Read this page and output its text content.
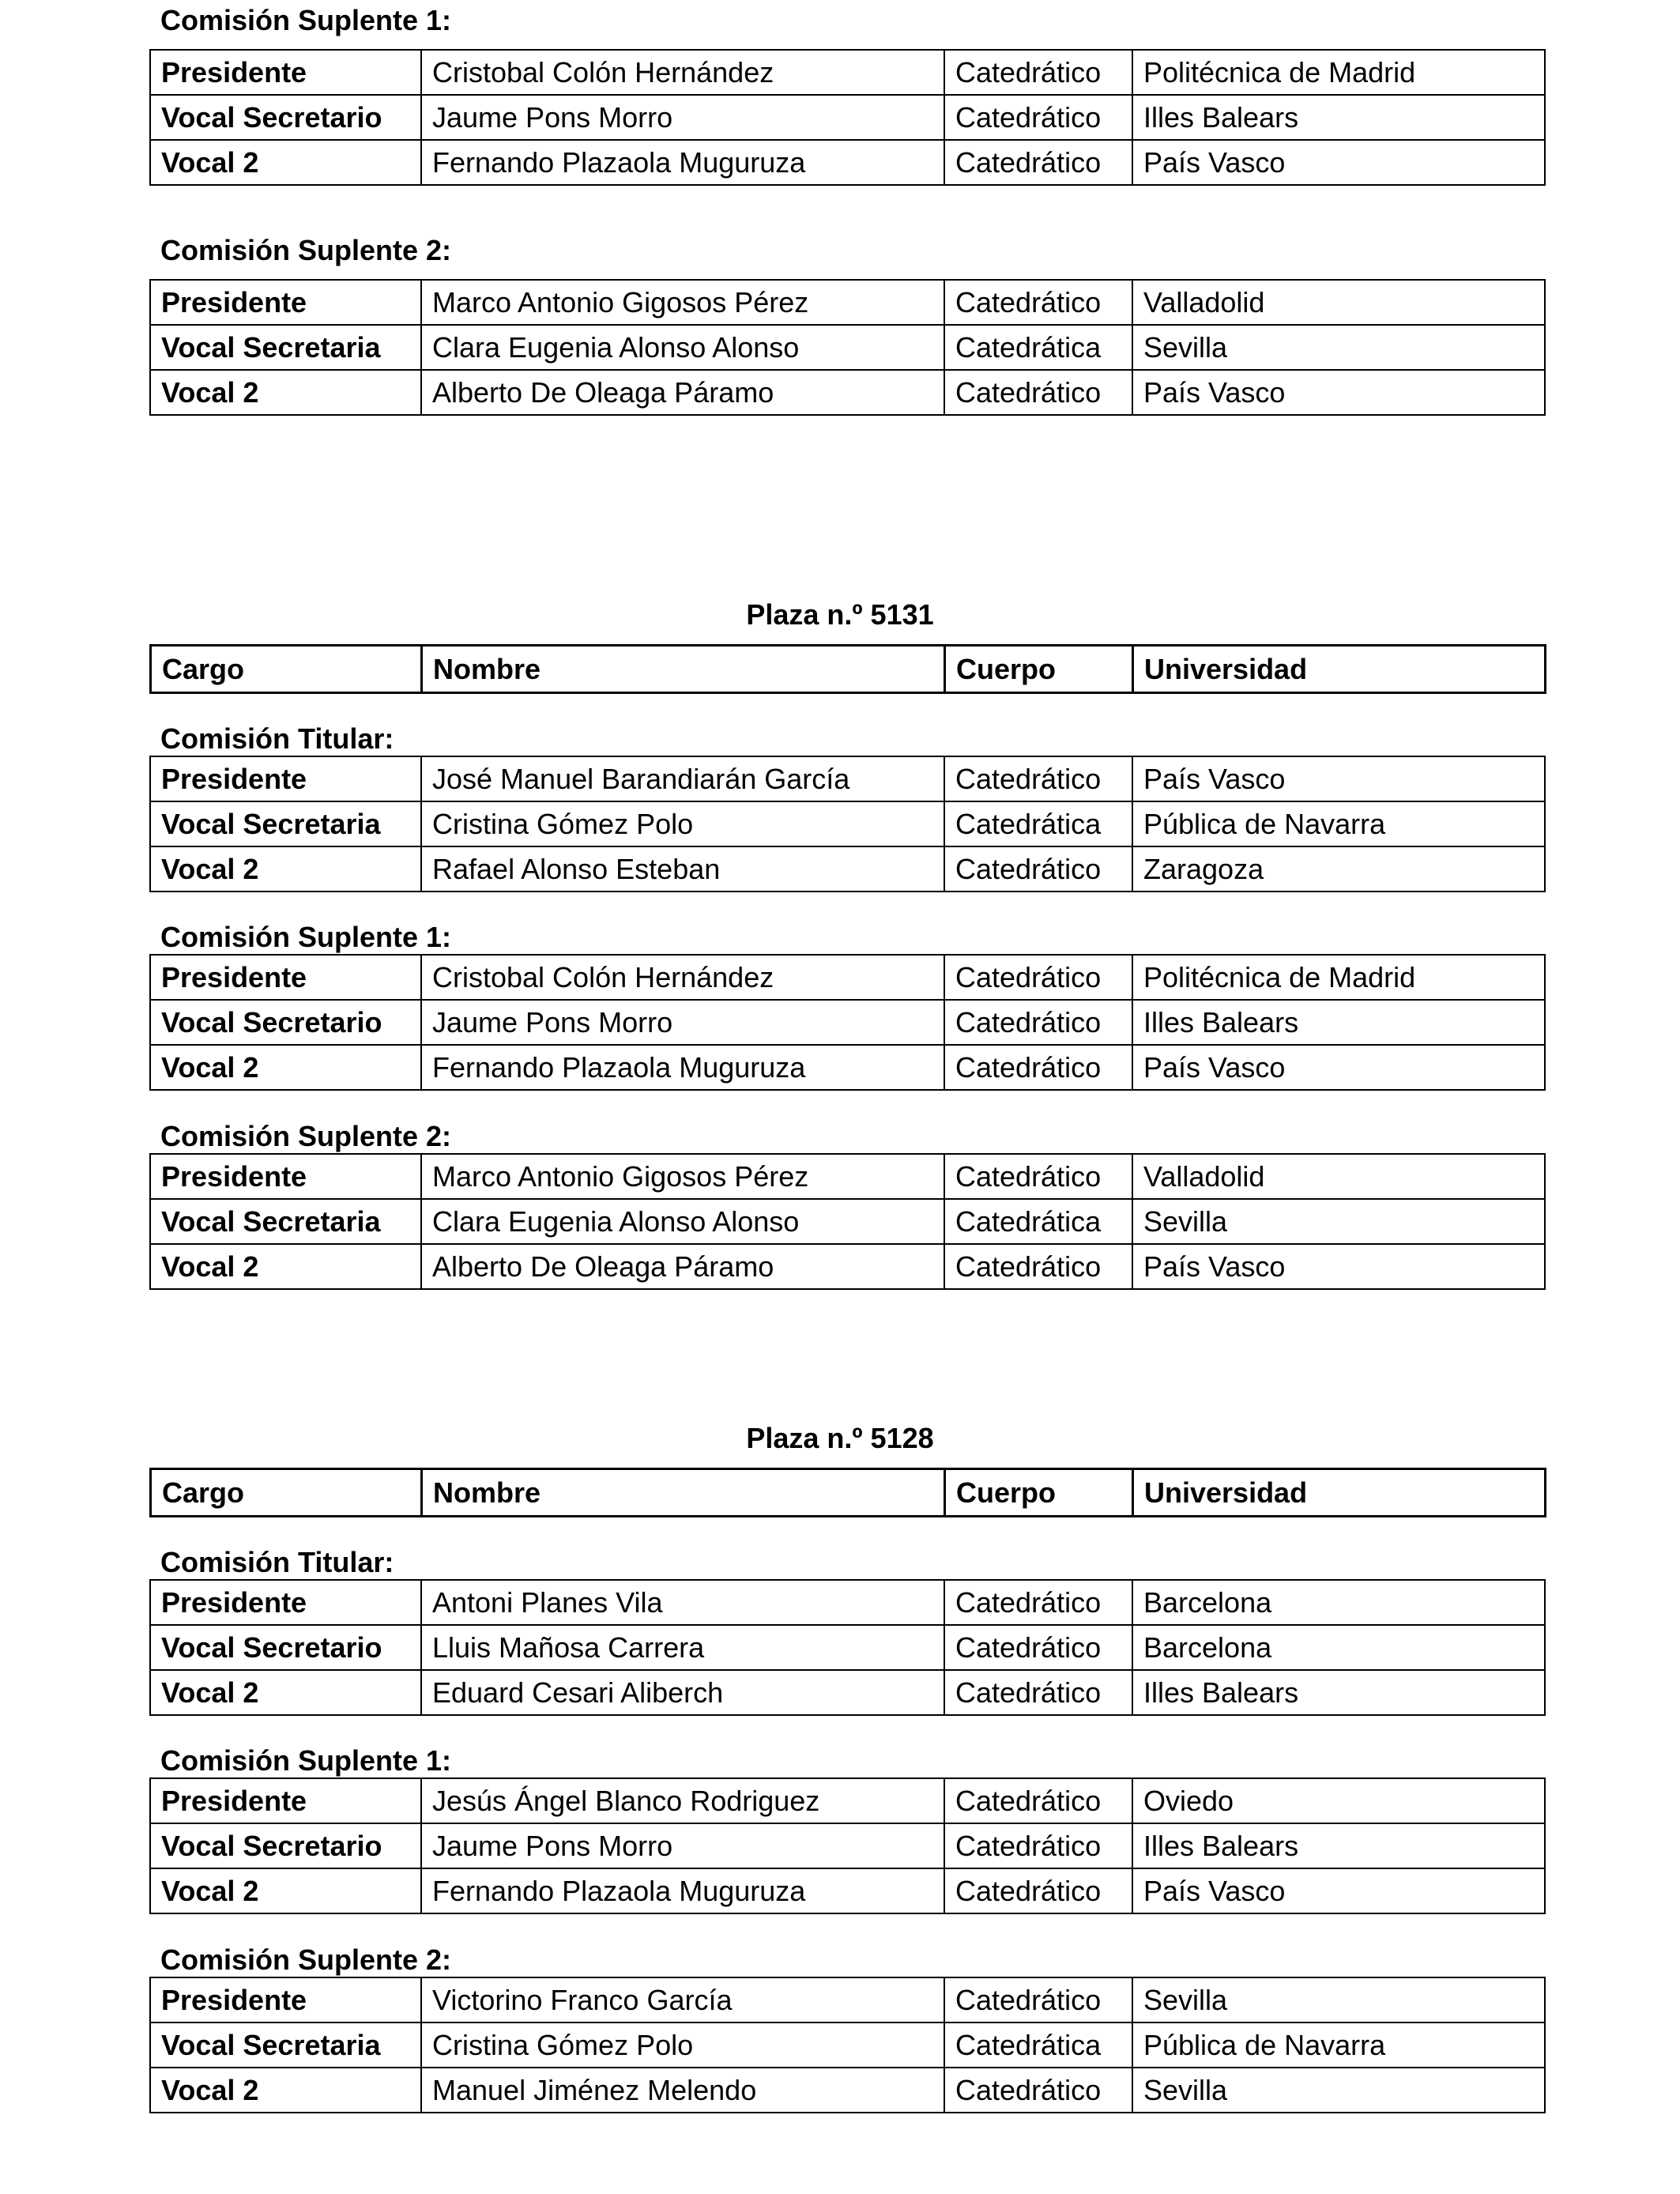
Comisión Suplente 1:
Presidente	Cristobal Colón Hernández	Catedrático	Politécnica de Madrid
Vocal Secretario	Jaume Pons Morro	Catedrático	Illes Balears
Vocal 2	Fernando Plazaola Muguruza	Catedrático	País Vasco
Comisión Suplente 2:
Presidente	Marco Antonio Gigosos Pérez	Catedrático	Valladolid
Vocal Secretaria	Clara Eugenia Alonso Alonso	Catedrática	Sevilla
Vocal 2	Alberto De Oleaga Páramo	Catedrático	País Vasco
Plaza n.º 5131
Cargo	Nombre	Cuerpo	Universidad
Comisión Titular:
Presidente	José Manuel Barandiarán García	Catedrático	País Vasco
Vocal Secretaria	Cristina Gómez Polo	Catedrática	Pública de Navarra
Vocal 2	Rafael Alonso Esteban	Catedrático	Zaragoza
Comisión Suplente 1:
Presidente	Cristobal Colón Hernández	Catedrático	Politécnica de Madrid
Vocal Secretario	Jaume Pons Morro	Catedrático	Illes Balears
Vocal 2	Fernando Plazaola Muguruza	Catedrático	País Vasco
Comisión Suplente 2:
Presidente	Marco Antonio Gigosos Pérez	Catedrático	Valladolid
Vocal Secretaria	Clara Eugenia Alonso Alonso	Catedrática	Sevilla
Vocal 2	Alberto De Oleaga Páramo	Catedrático	País Vasco
Plaza n.º 5128
Cargo	Nombre	Cuerpo	Universidad
Comisión Titular:
Presidente	Antoni Planes Vila	Catedrático	Barcelona
Vocal Secretario	Lluis Mañosa Carrera	Catedrático	Barcelona
Vocal 2	Eduard Cesari Aliberch	Catedrático	Illes Balears
Comisión Suplente 1:
Presidente	Jesús Ángel Blanco Rodriguez	Catedrático	Oviedo
Vocal Secretario	Jaume Pons Morro	Catedrático	Illes Balears
Vocal 2	Fernando Plazaola Muguruza	Catedrático	País Vasco
Comisión Suplente 2:
Presidente	Victorino Franco García	Catedrático	Sevilla
Vocal Secretaria	Cristina Gómez Polo	Catedrática	Pública de Navarra
Vocal 2	Manuel Jiménez Melendo	Catedrático	Sevilla
